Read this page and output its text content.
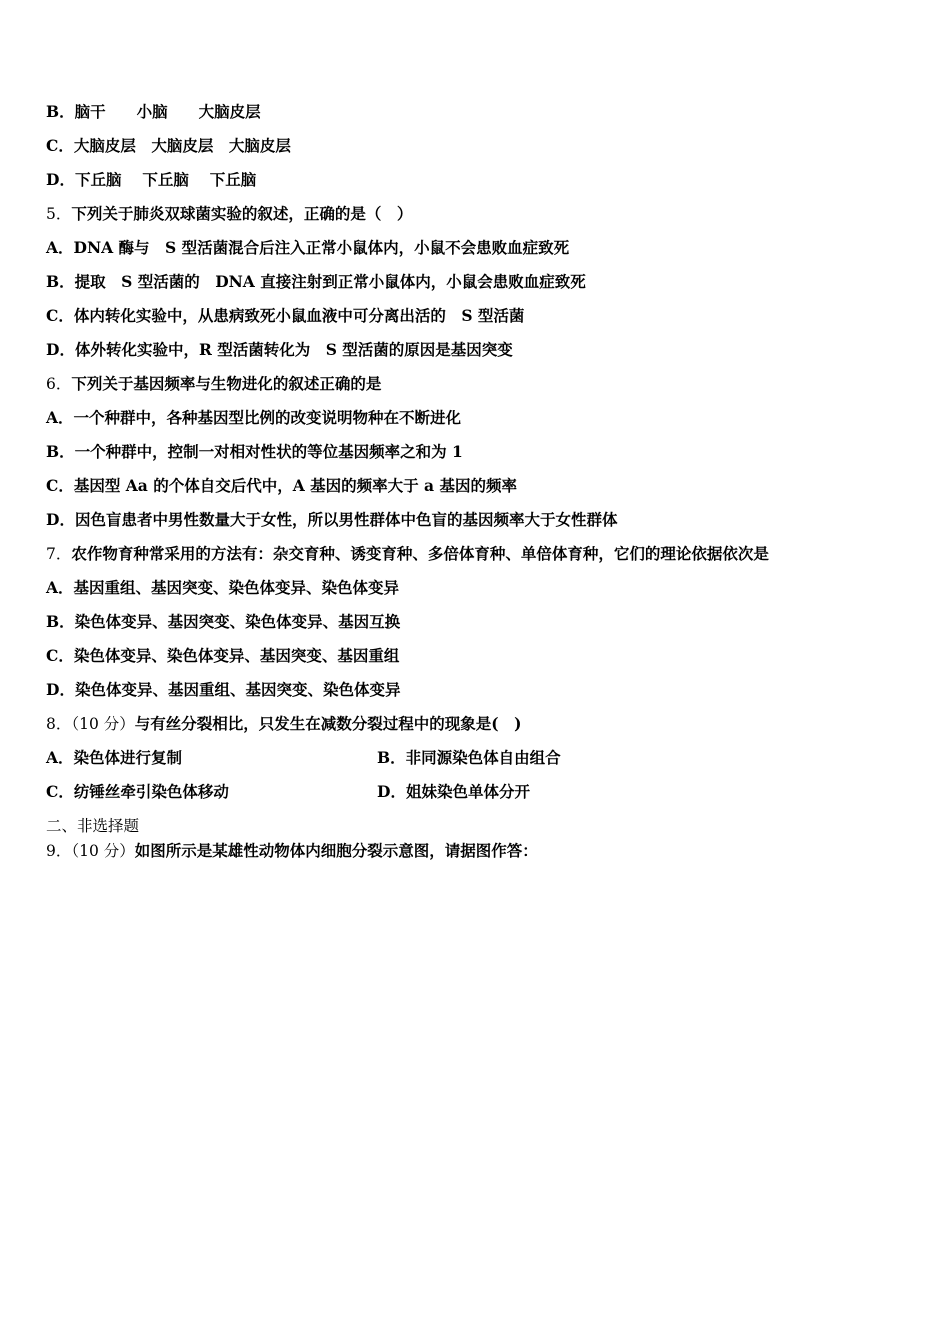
B．脑干　　小脑　　大脑皮层
C．大脑皮层　大脑皮层　大脑皮层
D．下丘脑　 下丘脑　 下丘脑
5．下列关于肺炎双球菌实验的叙述，正确的是（　）
A．DNA 酶与　S 型活菌混合后注入正常小鼠体内，小鼠不会患败血症致死
B．提取　S 型活菌的　DNA 直接注射到正常小鼠体内，小鼠会患败血症致死
C．体内转化实验中，从患病致死小鼠血液中可分离出活的　S 型活菌
D．体外转化实验中，R 型活菌转化为　S 型活菌的原因是基因突变
6．下列关于基因频率与生物进化的叙述正确的是
A．一个种群中，各种基因型比例的改变说明物种在不断进化
B．一个种群中，控制一对相对性状的等位基因频率之和为 1
C．基因型 Aa 的个体自交后代中，A 基因的频率大于 a 基因的频率
D．因色盲患者中男性数量大于女性，所以男性群体中色盲的基因频率大于女性群体
7．农作物育种常采用的方法有：杂交育种、诱变育种、多倍体育种、单倍体育种，它们的理论依据依次是
A．基因重组、基因突变、染色体变异、染色体变异
B．染色体变异、基因突变、染色体变异、基因互换
C．染色体变异、染色体变异、基因突变、基因重组
D．染色体变异、基因重组、基因突变、染色体变异
8．（10 分）与有丝分裂相比，只发生在减数分裂过程中的现象是(　)
A．染色体进行复制	B．非同源染色体自由组合
C．纺锤丝牵引染色体移动	D．姐妹染色单体分开
二、非选择题
9．（10 分）如图所示是某雄性动物体内细胞分裂示意图，请据图作答：
